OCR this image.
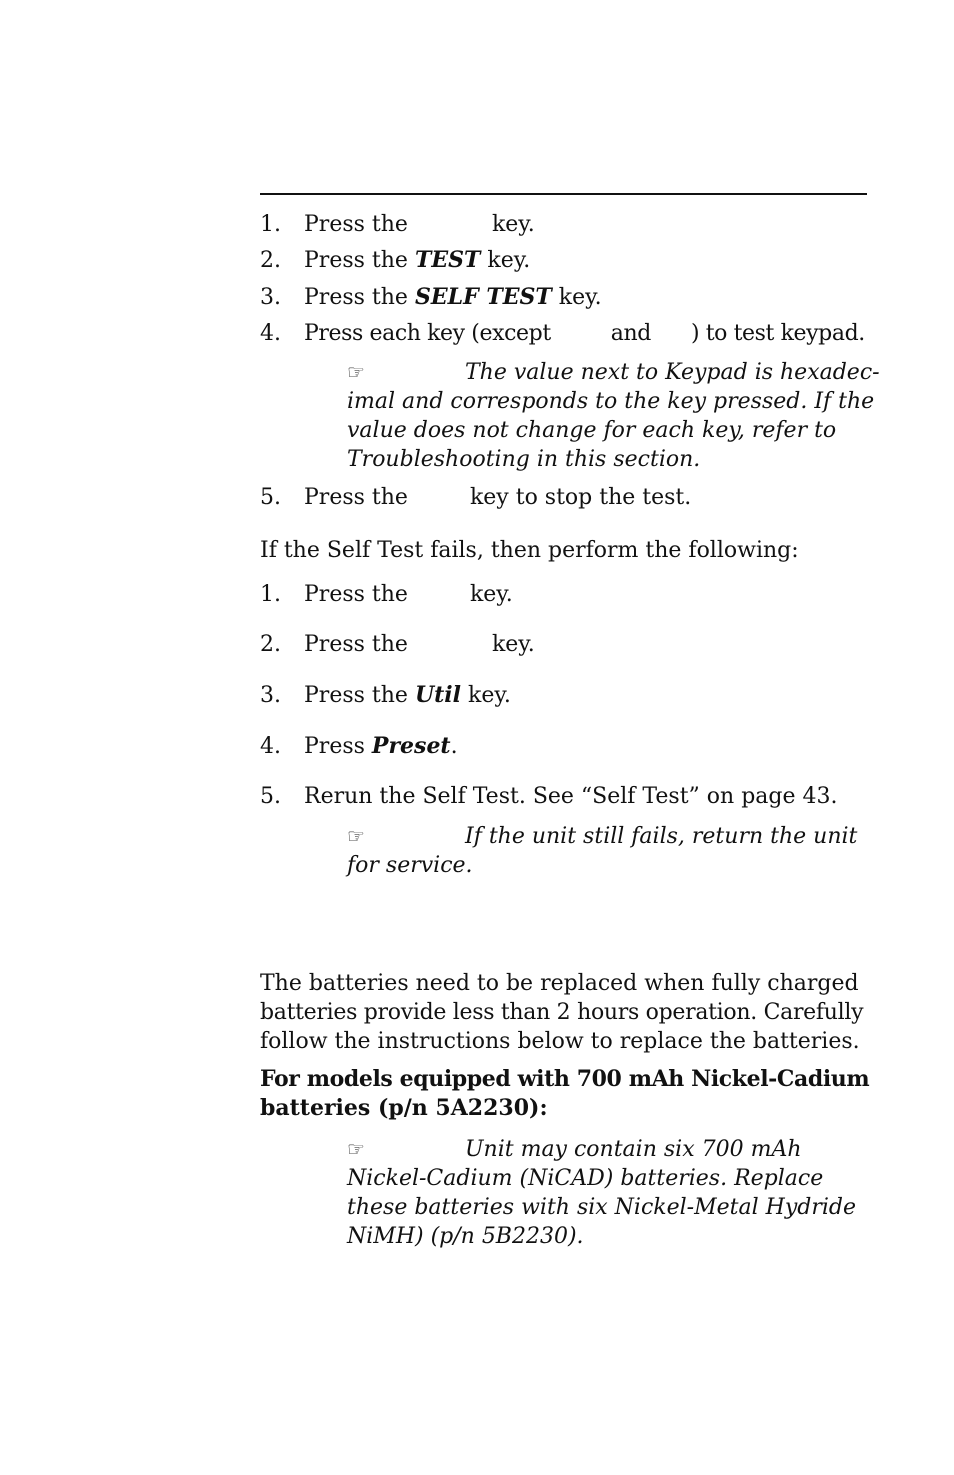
1. Press the	key.
2. Press the TEST key.
3. Press the SELF TEST key.
4. Press each key (except	and ) to test keypad.
☞	The value next to Keypad is hexadec-
imal and corresponds to the key pressed. If the
value does not change for each key, refer to
Troubleshooting in this section.
5. Press the	key to stop the test.
If the Self Test fails, then perform the following:
1. Press the	key.
2. Press the	key.
3. Press the Util key.
4. Press Preset.
5. Rerun the Self Test. See “Self Test” on page 43.
☞	If the unit still fails, return the unit
for service.
The batteries need to be replaced when fully charged
batteries provide less than 2 hours operation. Carefully
follow the instructions below to replace the batteries.
For models equipped with 700 mAh Nickel-Cadium
batteries (p/n 5A2230):
☞	Unit may contain six 700 mAh
Nickel-Cadium (NiCAD) batteries. Replace
these batteries with six Nickel-Metal Hydride
NiMH) (p/n 5B2230).
